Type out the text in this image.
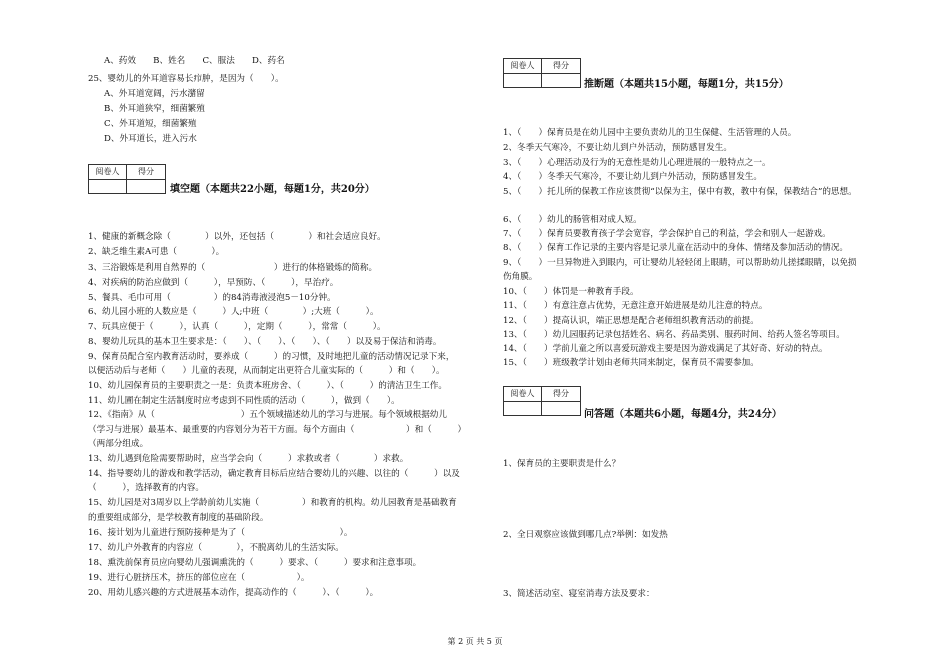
A、药效　　B、姓名　　C、服法　　D、药名
25、婴幼儿的外耳道容易长疖肿，是因为（　　）。
A、外耳道宽阔，污水潴留
B、外耳道狭窄，细菌繁殖
C、外耳道短，细菌繁殖
D、外耳道长，进入污水
阅卷人	得分
填空题（本题共22小题，每题1分，共20分）
1、健康的新概念除（　　　　）以外，还包括（　　　　）和社会适应良好。
2、缺乏维生素A可患（　　　　）。
3、三浴锻炼是利用自然界的（　　　　　　　　）进行的体格锻炼的简称。
4、对疾病的防治应做到（　　　），早预防、（　　　），早治疗。
5、餐具、毛巾可用（　　　　　）的84消毒液浸泡5－10分钟。
6、幼儿园小班的人数应是（　　　）人;中班（　　　　）;大班（　　　）。
7、玩具应便于（　　　），认真（　　　），定期（　　　），常常（　　　）。
8、婴幼儿玩具的基本卫生要求是：（　　）、（　　）、（　　）、（　　）以及易于保洁和消毒。
9、保育员配合室内教育活动时，要养成（　　　）的习惯，及时地把儿童的活动情况记录下来，
以便活动后与老师（　　）儿童的表现，从而制定出更符合儿童实际的（　　　）和（　　）。
10、幼儿园保育员的主要职责之一是：负责本班房舍、（　　　）、（　　　）的清洁卫生工作。
11、幼儿圃在制定生活制度时应考虑到不同性质的活动（　　　），做到（　　）。
12、《指南》从（　　　　　　　　　　）五个领域描述幼儿的学习与进展。每个领域根据幼儿
（学习与进展）最基本、最重要的内容划分为若干方面。每个方面由（　　　　　　）和（　　　）
（两部分组成。
13、幼儿遇到危险需要帮助时，应当学会向（　　　）求救或者（　　　　）求救。
14、指导婴幼儿的游戏和教学活动，确定教育目标后应结合婴幼儿的兴趣、以往的（　　　）以及
（　　　），选择教育的内容。
15、幼儿园是对3周岁以上学龄前幼儿实施（　　　　　）和教育的机构。幼儿园教育是基础教育
的重要组成部分，是学校教育制度的基础阶段。
16、接计划为儿童进行预防接种是为了（　　　　　　　　　　　）。
17、幼儿户外教育的内容应（　　　　），不脱离幼儿的生活实际。
18、熏洗前保育员应向婴幼儿强调熏洗的（　　　）要求、（　　　）要求和注意事项。
19、进行心脏挤压术，挤压的部位应在（　　　　　　）。
20、用幼儿感兴趣的方式进展基本动作，提高动作的（　　　）、（　　　）。
阅卷人	得分
推断题（本题共15小题，每题1分，共15分）
1、（　　）保育员是在幼儿园中主要负责幼儿的卫生保健、生活管理的人员。
2、冬季天气寒冷，不要让幼儿到户外活动，预防感冒发生。
3、（　　）心理活动及行为的无意性是幼儿心理进展的一般特点之一。
4、（　　）冬季天气寒冷，不要让幼儿到户外活动，预防感冒发生。
5、（　　）托儿所的保教工作应该贯彻“以保为主，保中有教，教中有保，保教结合”的思想。
6、（　　）幼儿的肠管相对成人短。
7、（　　）保育员要教育孩子学会宽容，学会保护自己的利益，学会和别人一起游戏。
8、（　　）保育工作记录的主要内容是记录儿童在活动中的身体、情绪及参加活动的情况。
9、（　　）一旦异物进入到眼内，可让婴幼儿轻轻闭上眼睛，可以帮助幼儿搓揉眼睛，以免损
伤角膜。
10、（　　）体罚是一种教育手段。
11、（　　）有意注意占优势，无意注意开始进展是幼儿注意的特点。
12、（　　）提高认识，端正思想是配合老师组织教育活动的前提。
13、（　　）幼儿园服药记录包括姓名、病名、药品类别、服药时间、给药人签名等项目。
14、（　　）学前儿童之所以喜爱玩游戏主要是因为游戏满足了其好奇、好动的特点。
15、（　　）班级教学计划由老师共同来制定，保育员不需要参加。
阅卷人	得分
问答题（本题共6小题，每题4分，共24分）
1、保育员的主要职责是什么？
2、全日观察应该做到哪几点?举例：如发热
3、简述活动室、寝室消毒方法及要求：
第 2 页 共 5 页
